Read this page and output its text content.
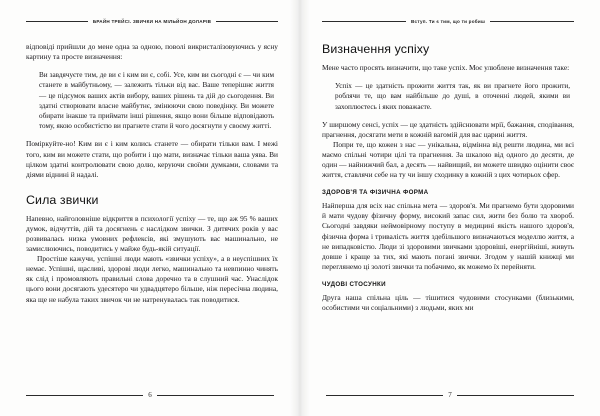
БРАЙН ТРЕЙСІ. ЗВИЧКИ НА МІЛЬЙОН ДОЛАРІВ

відповіді прийшли до мене одна за одною, поволі викристалізовуючись у ясну картину та просте визначення:

Ви завдячуєте тим, де ви є і ким ви є, собі. Усе, ким ви сьогодні є — чи ким станете в майбутньому, — залежить тільки від вас. Ваше теперішнє життя — це підсумок ваших актів вибору, ваших рішень та дій до сьогодення. Ви здатні створювати власне майбутнє, змінюючи свою поведінку. Ви можете обирати інакше та приймати інші рішення, якщо вони більше відповідають тому, якою особистістю ви прагнете стати й чого досягнути у своєму житті.

Поміркуйте-но! Ким ви є і ким колись станете — обирати тільки вам. І межі того, ким ви можете стати, що робити і що мати, визначає тільки ваша уява. Ви цілком здатні контролювати свою долю, керуючи своїми думками, словами та діями віднині й надалі.

Сила звички

Напевно, найголовніше відкриття в психології успіху — те, що аж 95 % ваших думок, відчуттів, дій та досягнень є наслідком звички. З дитячих років у вас розвивалась низка умовних рефлексів, які змушують вас машинально, не замислюючись, поводитись у майже будь-якій ситуації.

Простіше кажучи, успішні люди мають «звички успіху», а в неуспішних їх немає. Успішні, щасливі, здорові люди легко, машинально та невпинно чинять як слід і промовляють правильні слова доречно та в слушний час. Унаслідок цього вони досягають удесятеро чи удвадцятеро більше, ніж пересічна людина, яка ще не набула таких звичок чи не натренувалась так поводитися.

6
Вступ. Ти є тим, що ти робиш
Визначення успіху

Мене часто просять визначити, що таке успіх. Моє улюблене визначення таке:

Успіх — це здатність прожити життя так, як ви прагнете його прожити, роблячи те, що вам найбільше до душі, в оточенні людей, якими ви захоплюєтесь і яких поважаєте.

У ширшому сенсі, успіх — це здатність здійснювати мрії, бажання, сподівання, прагнення, досягати мети в кожній вагомій для вас царині життя.

Попри те, що кожен з нас — унікальна, відмінна від решти людина, ми всі маємо спільні чотири цілі та прагнення. За шкалою від одного до десяти, де один — найнижчий бал, а десять — найвищий, ви можете швидко оцінити своє життя, ставлячи себе на ту чи іншу сходинку в кожній з цих чотирьох сфер.

ЗДОРОВ'Я ТА ФІЗИЧНА ФОРМА

Найперша для всіх нас спільна мета — здоров'я. Ми прагнемо бути здоровими й мати чудову фізичну форму, високий запас сил, жити без болю та хвороб. Сьогодні завдяки неймовірному поступу в медицині якість нашого здоров'я, фізична форма і тривалість життя здебільшого визначаються моделлю життя, а не випадковістю. Люди зі здоровими звичками здоровіші, енергійніші, живуть довше і краще за тих, які мають погані звички. Згодом у нашій книжці ми переглянемо ці золоті звички та побачимо, як можемо їх перейняти.

ЧУДОВІ СТОСУНКИ

Друга наша спільна ціль — тішитися чудовими стосунками (близькими, особистими чи соціальними) з людьми, яких ми

7
